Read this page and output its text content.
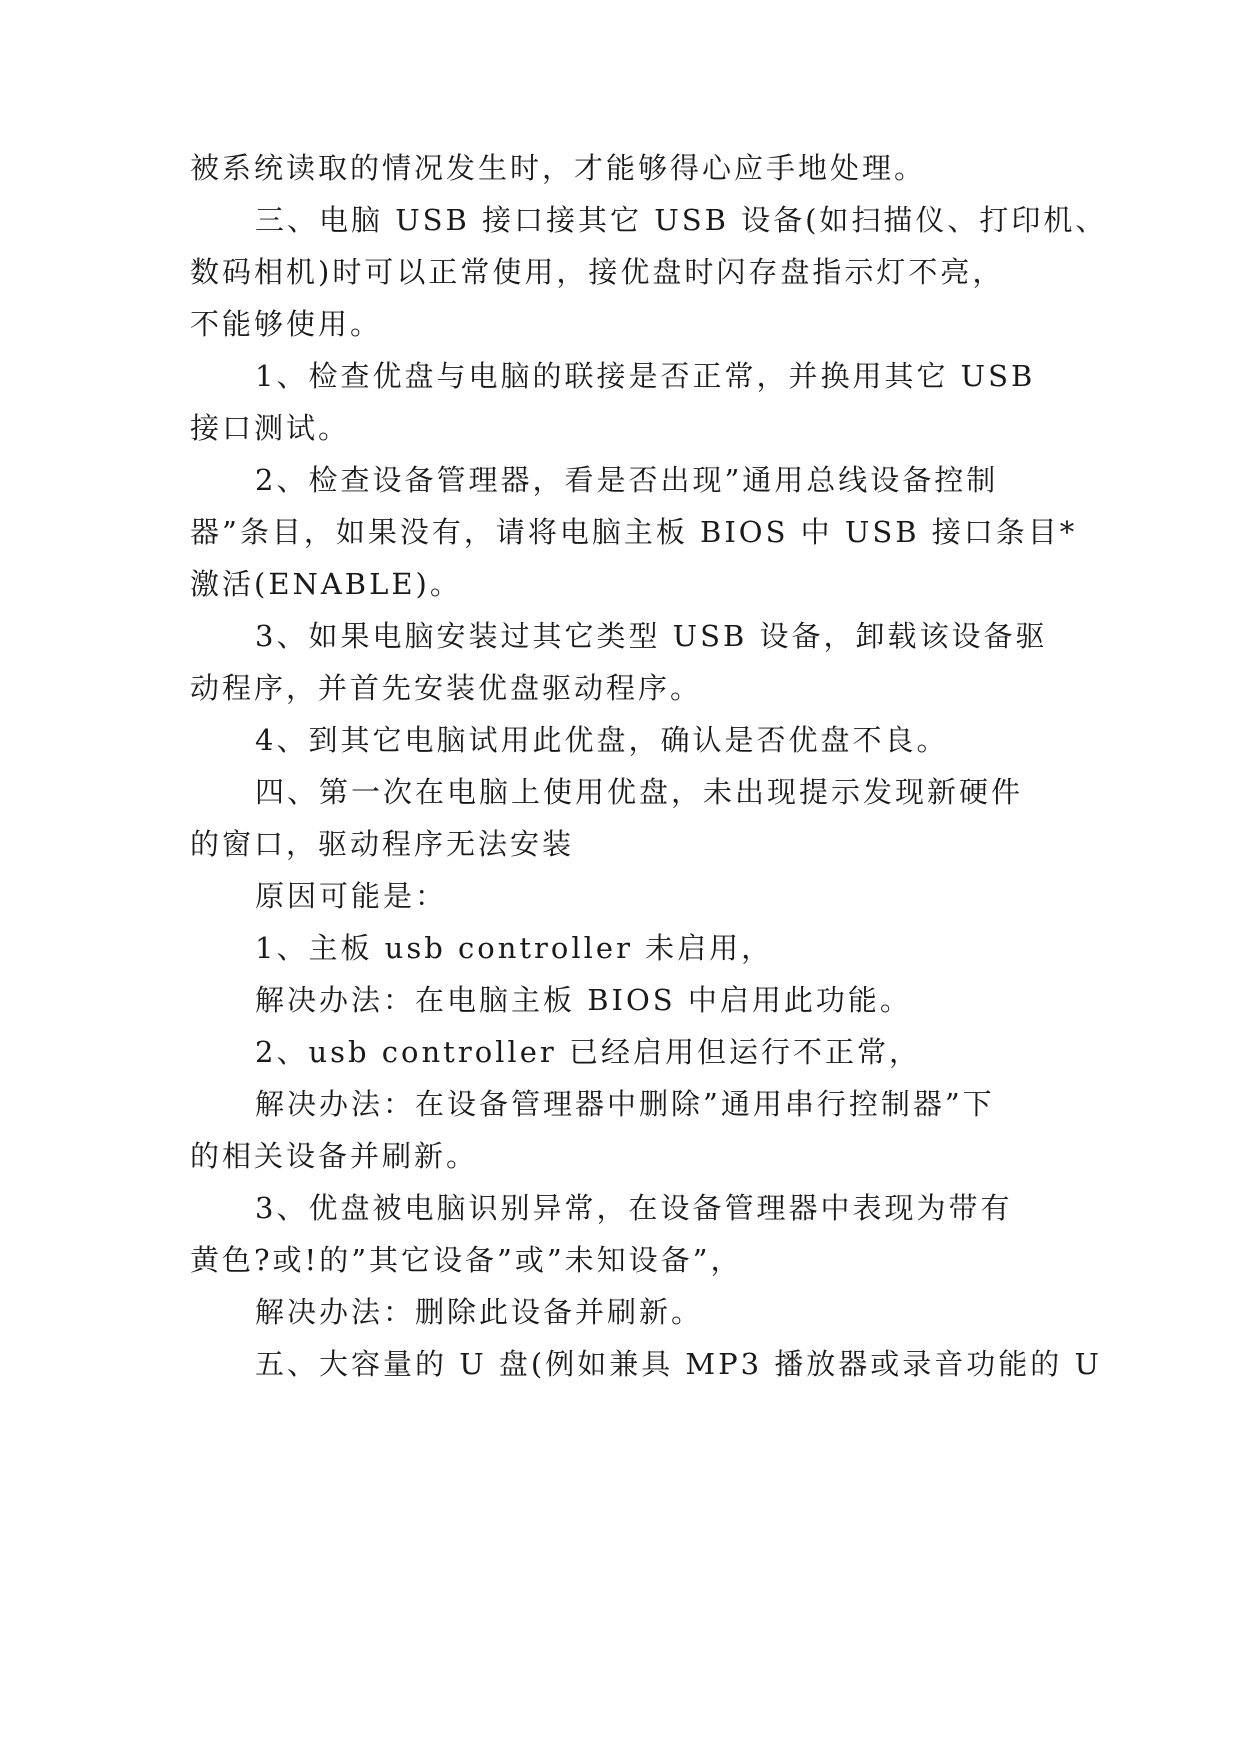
被系统读取的情况发生时，才能够得心应手地处理。
三、电脑 USB 接口接其它 USB 设备(如扫描仪、打印机、
数码相机)时可以正常使用，接优盘时闪存盘指示灯不亮，
不能够使用。
1、检查优盘与电脑的联接是否正常，并换用其它 USB
接口测试。
2、检查设备管理器，看是否出现”通用总线设备控制
器”条目，如果没有，请将电脑主板 BIOS 中 USB 接口条目*
激活(ENABLE)。
3、如果电脑安装过其它类型 USB 设备，卸载该设备驱
动程序，并首先安装优盘驱动程序。
4、到其它电脑试用此优盘，确认是否优盘不良。
四、第一次在电脑上使用优盘，未出现提示发现新硬件
的窗口，驱动程序无法安装
原因可能是：
1、主板 usb controller 未启用，
解决办法：在电脑主板 BIOS 中启用此功能。
2、usb controller 已经启用但运行不正常，
解决办法：在设备管理器中删除”通用串行控制器”下
的相关设备并刷新。
3、优盘被电脑识别异常，在设备管理器中表现为带有
黄色?或!的”其它设备”或”未知设备”，
解决办法：删除此设备并刷新。
五、大容量的 U 盘(例如兼具 MP3 播放器或录音功能的 U
